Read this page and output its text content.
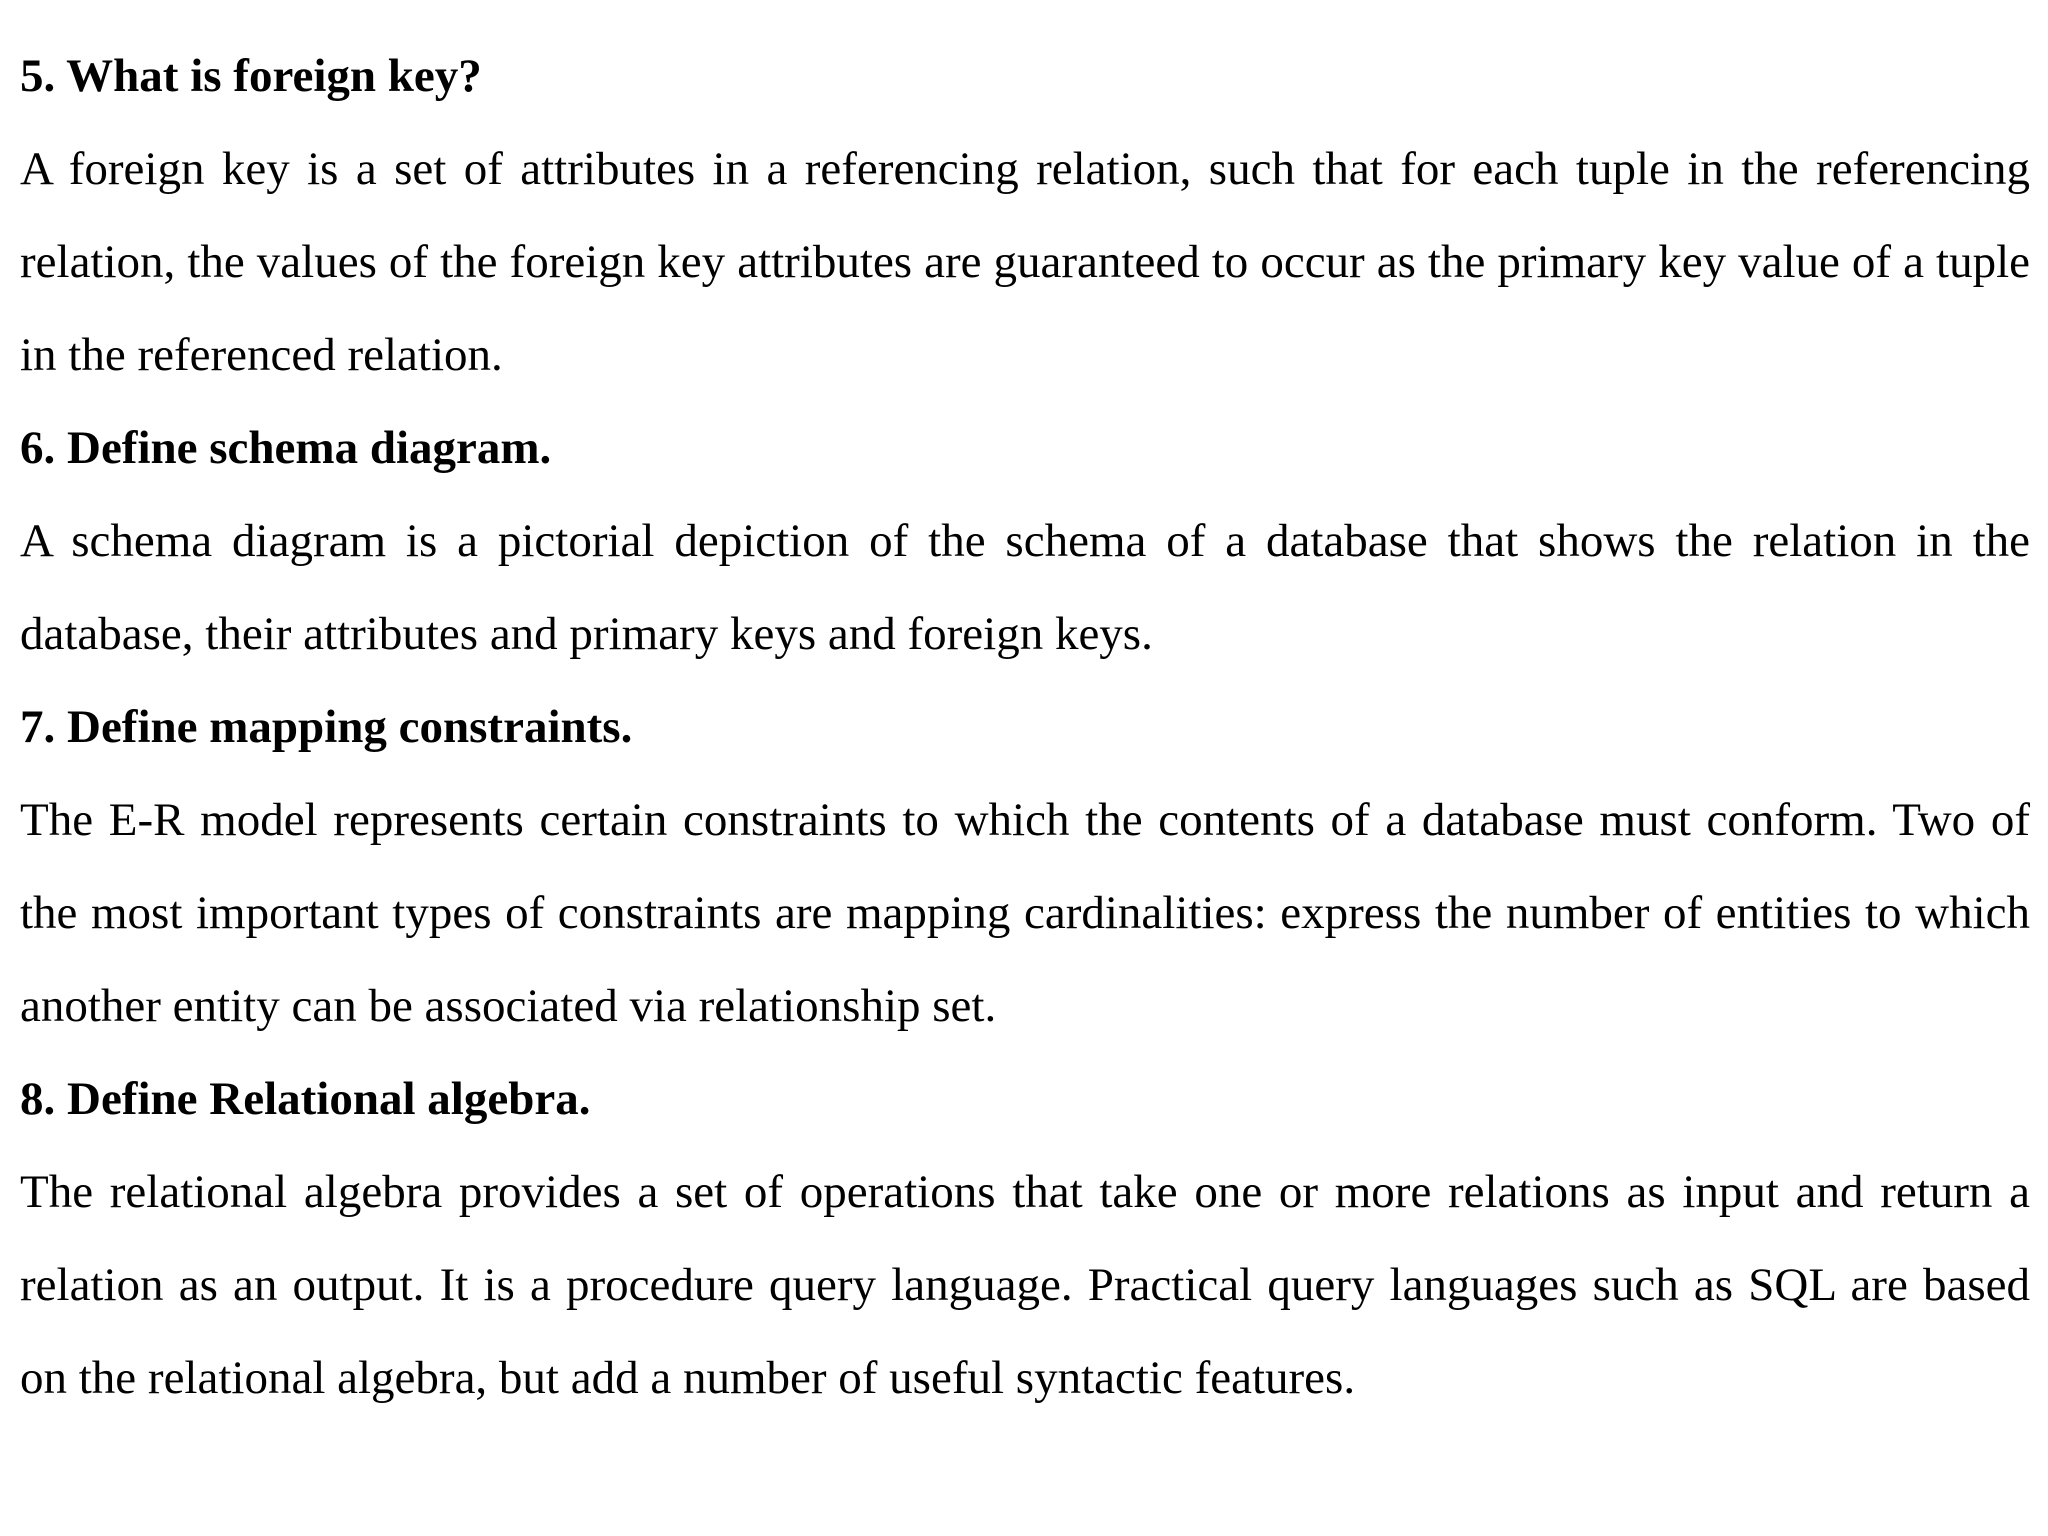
5. What is foreign key?

A foreign key is a set of attributes in a referencing relation, such that for each tuple in the referencing relation, the values of the foreign key attributes are guaranteed to occur as the primary key value of a tuple in the referenced relation.

6. Define schema diagram.

A schema diagram is a pictorial depiction of the schema of a database that shows the relation in the database, their attributes and primary keys and foreign keys.

7. Define mapping constraints.

The E-R model represents certain constraints to which the contents of a database must conform. Two of the most important types of constraints are mapping cardinalities: express the number of entities to which another entity can be associated via relationship set.

8. Define Relational algebra.

The relational algebra provides a set of operations that take one or more relations as input and return a relation as an output. It is a procedure query language. Practical query languages such as SQL are based on the relational algebra, but add a number of useful syntactic features.
